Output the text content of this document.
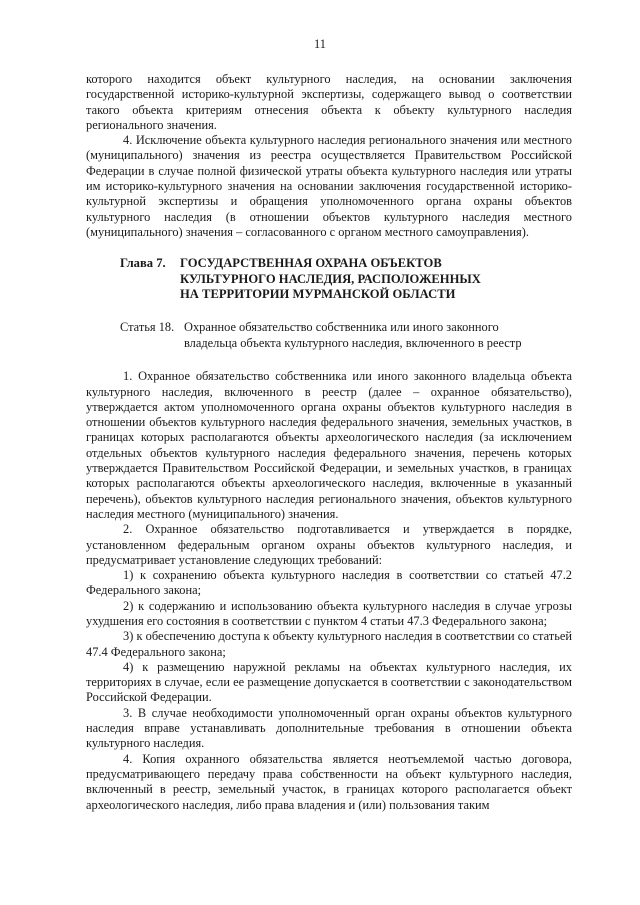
11

которого находится объект культурного наследия, на основании заключения государственной историко-культурной экспертизы, содержащего вывод о соответствии такого объекта критериям отнесения объекта к объекту культурного наследия регионального значения.

4. Исключение объекта культурного наследия регионального значения или местного (муниципального) значения из реестра осуществляется Правительством Российской Федерации в случае полной физической утраты объекта культурного наследия или утраты им историко-культурного значения на основании заключения государственной историко-культурной экспертизы и обращения уполномоченного органа охраны объектов культурного наследия (в отношении объектов культурного наследия местного (муниципального) значения – согласованного с органом местного самоуправления).

Глава 7.	ГОСУДАРСТВЕННАЯ ОХРАНА ОБЪЕКТОВ
КУЛЬТУРНОГО НАСЛЕДИЯ, РАСПОЛОЖЕННЫХ
НА ТЕРРИТОРИИ МУРМАНСКОЙ ОБЛАСТИ
Статья 18. Охранное обязательство собственника или иного законного
владельца объекта культурного наследия, включенного в реестр

1. Охранное обязательство собственника или иного законного владельца объекта культурного наследия, включенного в реестр (далее – охранное обязательство), утверждается актом уполномоченного органа охраны объектов культурного наследия в отношении объектов культурного наследия федерального значения, земельных участков, в границах которых располагаются объекты археологического наследия (за исключением отдельных объектов культурного наследия федерального значения, перечень которых утверждается Правительством Российской Федерации, и земельных участков, в границах которых располагаются объекты археологического наследия, включенные в указанный перечень), объектов культурного наследия регионального значения, объектов культурного наследия местного (муниципального) значения.

2. Охранное обязательство подготавливается и утверждается в порядке, установленном федеральным органом охраны объектов культурного наследия, и предусматривает установление следующих требований:

1) к сохранению объекта культурного наследия в соответствии со статьей 47.2 Федерального закона;

2) к содержанию и использованию объекта культурного наследия в случае угрозы ухудшения его состояния в соответствии с пунктом 4 статьи 47.3 Федерального закона;

3) к обеспечению доступа к объекту культурного наследия в соответствии со статьей 47.4 Федерального закона;

4) к размещению наружной рекламы на объектах культурного наследия, их территориях в случае, если ее размещение допускается в соответствии с законодательством Российской Федерации.

3. В случае необходимости уполномоченный орган охраны объектов культурного наследия вправе устанавливать дополнительные требования в отношении объекта культурного наследия.

4. Копия охранного обязательства является неотъемлемой частью договора, предусматривающего передачу права собственности на объект культурного наследия, включенный в реестр, земельный участок, в границах которого располагается объект археологического наследия, либо права владения и (или) пользования таким
